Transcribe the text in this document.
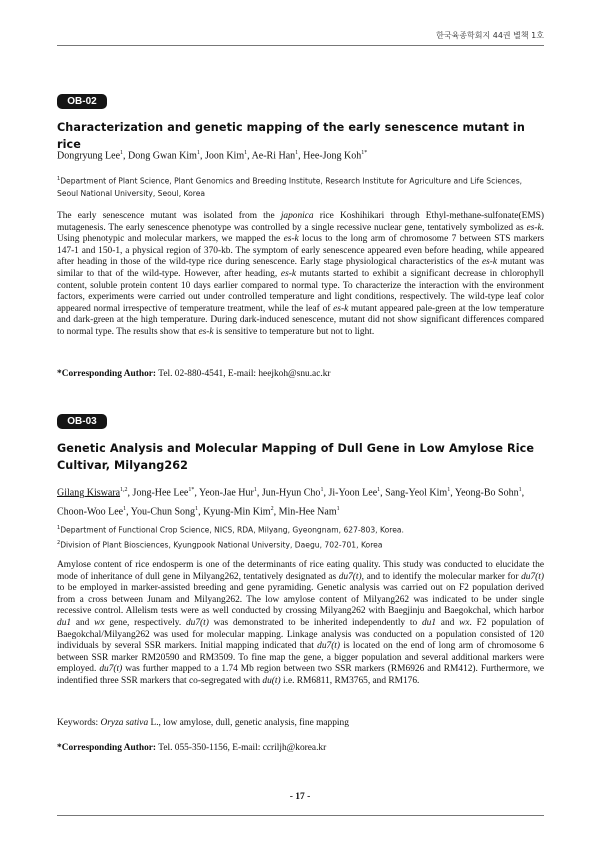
한국육종학회지 44권 별책 1호
OB-02
Characterization and genetic mapping of the early senescence mutant in rice
Dongryung Lee$^1$, Dong Gwan Kim$^1$, Joon Kim$^1$, Ae-Ri Han$^1$, Hee-Jong Koh$^{1*}$
$^1$Department of Plant Science, Plant Genomics and Breeding Institute, Research Institute for Agriculture and Life Sciences, Seoul National University, Seoul, Korea
The early senescence mutant was isolated from the japonica rice Koshihikari through Ethyl-methane-sulfonate(EMS) mutagenesis. The early senescence phenotype was controlled by a single recessive nuclear gene, tentatively symbolized as es-k. Using phenotypic and molecular markers, we mapped the es-k locus to the long arm of chromosome 7 between STS markers 147-1 and 150-1, a physical region of 370-kb. The symptom of early senescence appeared even before heading, while appeared after heading in those of the wild-type rice during senescence. Early stage physiological characteristics of the es-k mutant was similar to that of the wild-type. However, after heading, es-k mutants started to exhibit a significant decrease in chlorophyll content, soluble protein content 10 days earlier compared to normal type. To characterize the interaction with the environment factors, experiments were carried out under controlled temperature and light conditions, respectively. The wild-type leaf color appeared normal irrespective of temperature treatment, while the leaf of es-k mutant appeared pale-green at the low temperature and dark-green at the high temperature. During dark-induced senescence, mutant did not show significant differences compared to normal type. The results show that es-k is sensitive to temperature but not to light.
*Corresponding Author: Tel. 02-880-4541, E-mail: heejkoh@snu.ac.kr
OB-03
Genetic Analysis and Molecular Mapping of Dull Gene in Low Amylose Rice Cultivar, Milyang262
Gilang Kiswara$^{1,2}$, Jong-Hee Lee$^{1*}$, Yeon-Jae Hur$^1$, Jun-Hyun Cho$^1$, Ji-Yoon Lee$^1$, Sang-Yeol Kim$^1$, Yeong-Bo Sohn$^1$, Choon-Woo Lee$^1$, You-Chun Song$^1$, Kyung-Min Kim$^2$, Min-Hee Nam$^1$
$^1$Department of Functional Crop Science, NICS, RDA, Milyang, Gyeongnam, 627-803, Korea.
$^2$Division of Plant Biosciences, Kyungpook National University, Daegu, 702-701, Korea
Amylose content of rice endosperm is one of the determinants of rice eating quality. This study was conducted to elucidate the mode of inheritance of dull gene in Milyang262, tentatively designated as du7(t), and to identify the molecular marker for du7(t) to be employed in marker-assisted breeding and gene pyramiding. Genetic analysis was carried out on F2 population derived from a cross between Junam and Milyang262. The low amylose content of Milyang262 was indicated to be under single recessive control. Allelism tests were as well conducted by crossing Milyang262 with Baegjinju and Baegokchal, which harbor du1 and wx gene, respectively. du7(t) was demonstrated to be inherited independently to du1 and wx. F2 population of Baegokchal/Milyang262 was used for molecular mapping. Linkage analysis was conducted on a population consisted of 120 individuals by several SSR markers. Initial mapping indicated that du7(t) is located on the end of long arm of chromosome 6 between SSR marker RM20590 and RM3509. To fine map the gene, a bigger population and several additional markers were employed. du7(t) was further mapped to a 1.74 Mb region between two SSR markers (RM6926 and RM412). Furthermore, we indentified three SSR markers that co-segregated with du(t) i.e. RM6811, RM3765, and RM176.
Keywords: Oryza sativa L., low amylose, dull, genetic analysis, fine mapping
*Corresponding Author: Tel. 055-350-1156, E-mail: ccriljh@korea.kr
- 17 -
